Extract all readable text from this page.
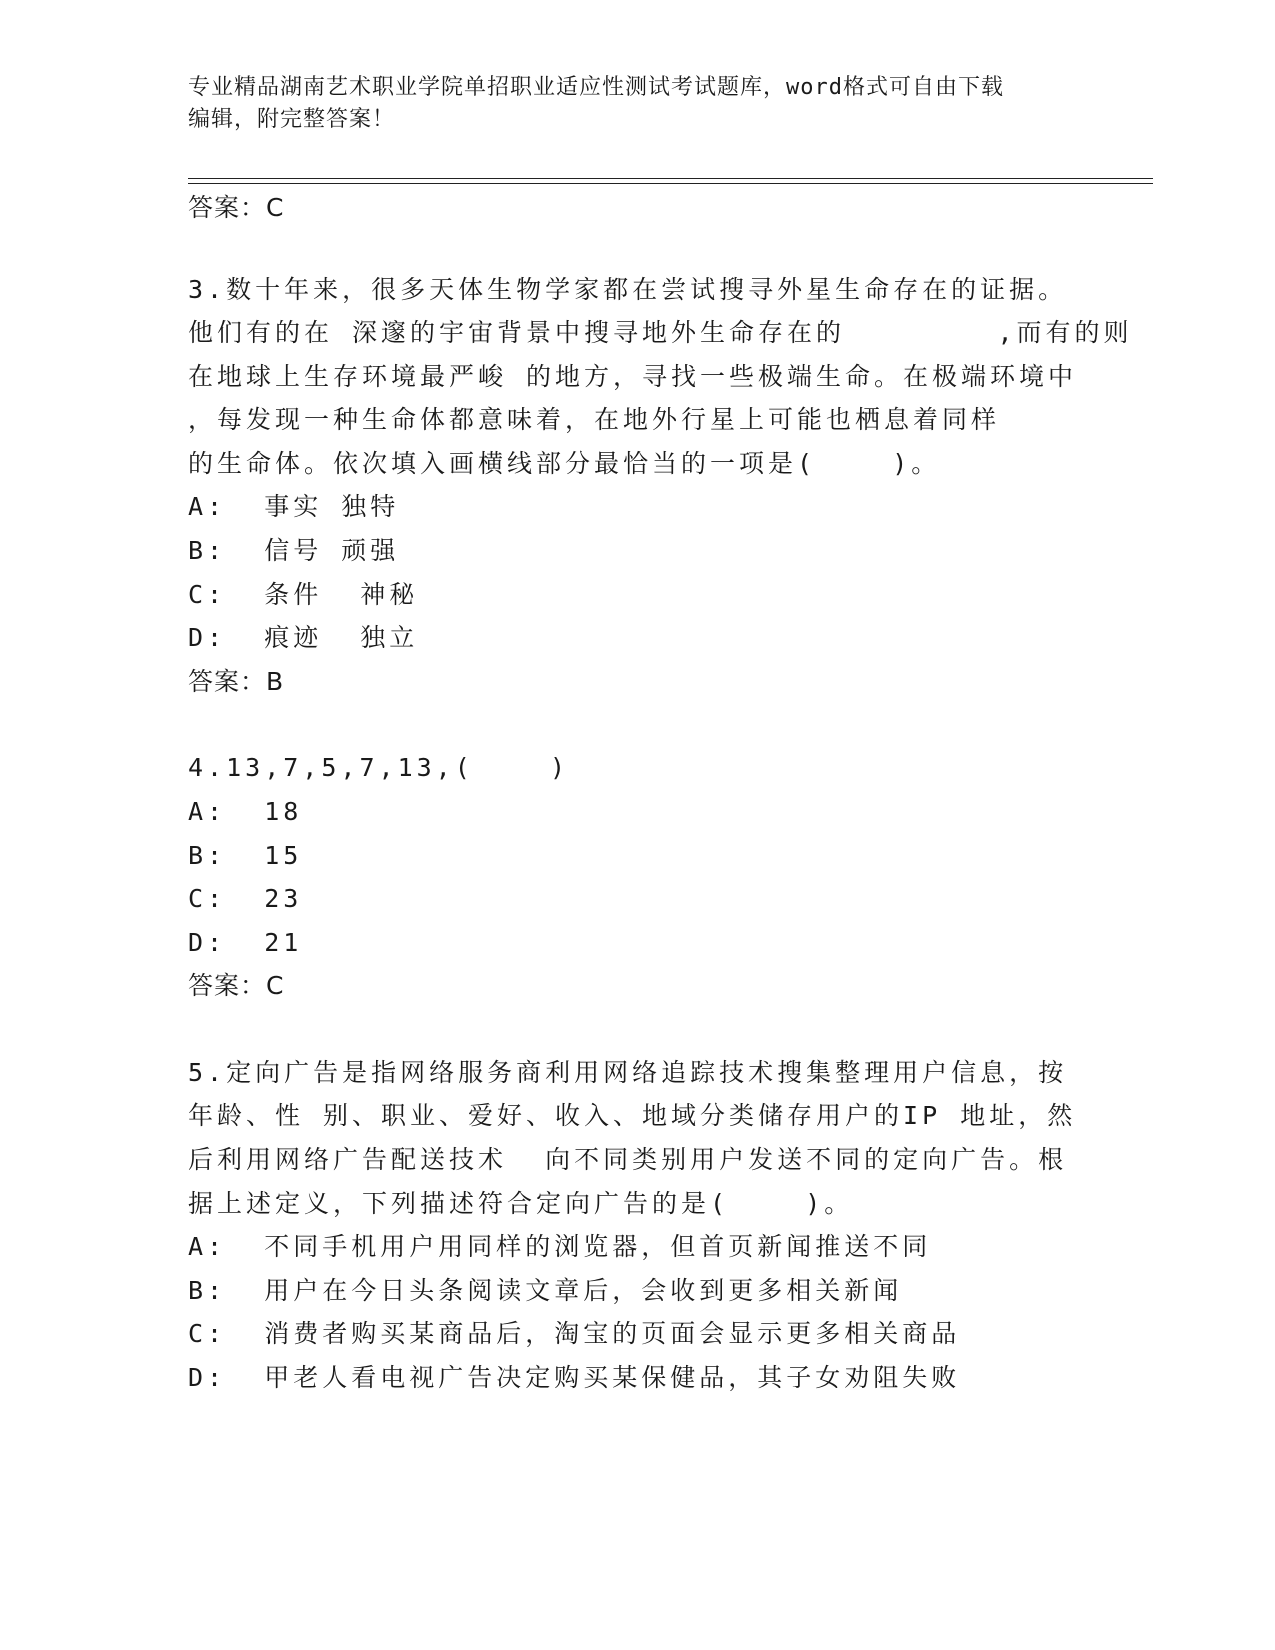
专业精品湖南艺术职业学院单招职业适应性测试考试题库，word格式可自由下载
编辑，附完整答案！
答案：C
3.数十年来，很多天体生物学家都在尝试搜寻外星生命存在的证据。
他们有的在 深邃的宇宙背景中搜寻地外生命存在的        ,而有的则
在地球上生存环境最严峻 的地方，寻找一些极端生命。在极端环境中
，每发现一种生命体都意味着，在地外行星上可能也栖息着同样
的生命体。依次填入画横线部分最恰当的一项是(    )。
A:  事实 独特
B:  信号 顽强
C:  条件  神秘
D:  痕迹  独立
答案：B
4.13,7,5,7,13,(    )
A:  18
B:  15
C:  23
D:  21
答案：C
5.定向广告是指网络服务商利用网络追踪技术搜集整理用户信息，按
年龄、性 别、职业、爱好、收入、地域分类储存用户的IP 地址，然
后利用网络广告配送技术  向不同类别用户发送不同的定向广告。根
据上述定义，下列描述符合定向广告的是(    )。
A:  不同手机用户用同样的浏览器，但首页新闻推送不同
B:  用户在今日头条阅读文章后，会收到更多相关新闻
C:  消费者购买某商品后，淘宝的页面会显示更多相关商品
D:  甲老人看电视广告决定购买某保健品，其子女劝阻失败
